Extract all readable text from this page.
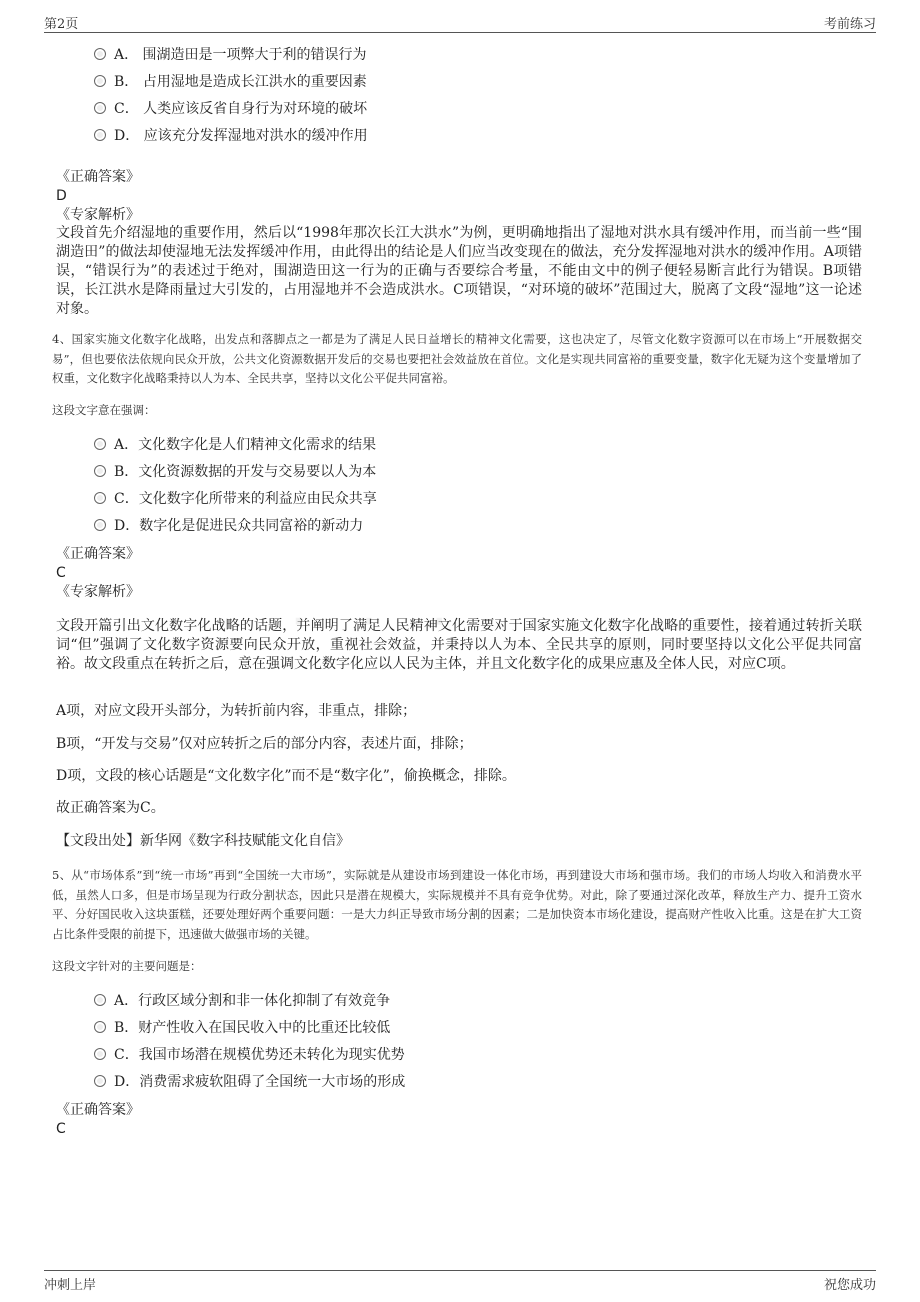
第2页	考前练习
A． 围湖造田是一项弊大于利的错误行为
B． 占用湿地是造成长江洪水的重要因素
C． 人类应该反省自身行为对环境的破坏
D． 应该充分发挥湿地对洪水的缓冲作用
《正确答案》
D
《专家解析》
文段首先介绍湿地的重要作用，然后以“1998年那次长江大洪水”为例，更明确地指出了湿地对洪水具有缓冲作用，而当前一些“围湖造田”的做法却使湿地无法发挥缓冲作用，由此得出的结论是人们应当改变现在的做法，充分发挥湿地对洪水的缓冲作用。A项错误，“错误行为”的表述过于绝对，围湖造田这一行为的正确与否要综合考量，不能由文中的例子便轻易断言此行为错误。B项错误，长江洪水是降雨量过大引发的，占用湿地并不会造成洪水。C项错误，“对环境的破坏”范围过大，脱离了文段“湿地”这一论述对象。
4、国家实施文化数字化战略，出发点和落脚点之一都是为了满足人民日益增长的精神文化需要，这也决定了，尽管文化数字资源可以在市场上“开展数据交易”，但也要依法依规向民众开放，公共文化资源数据开发后的交易也要把社会效益放在首位。文化是实现共同富裕的重要变量，数字化无疑为这个变量增加了权重，文化数字化战略秉持以人为本、全民共享，坚持以文化公平促共同富裕。
这段文字意在强调：
A．文化数字化是人们精神文化需求的结果
B．文化资源数据的开发与交易要以人为本
C．文化数字化所带来的利益应由民众共享
D．数字化是促进民众共同富裕的新动力
《正确答案》
C
《专家解析》	· · ·
文段开篇引出文化数字化战略的话题，并阐明了满足人民精神文化需要对于国家实施文化数字化战略的重要性，接着通过转折关联词“但”强调了文化数字资源要向民众开放，重视社会效益，并秉持以人为本、全民共享的原则，同时要坚持以文化公平促共同富裕。故文段重点在转折之后，意在强调文化数字化应以人民为主体，并且文化数字化的成果应惠及全体人民，对应C项。
A项，对应文段开头部分，为转折前内容，非重点，排除；
B项，“开发与交易”仅对应转折之后的部分内容，表述片面，排除；
D项，文段的核心话题是“文化数字化”而不是“数字化”，偷换概念，排除。
故正确答案为C。
【文段出处】新华网《数字科技赋能文化自信》
5、从“市场体系”到“统一市场”再到“全国统一大市场”，实际就是从建设市场到建设一体化市场，再到建设大市场和强市场。我们的市场人均收入和消费水平低，虽然人口多，但是市场呈现为行政分割状态，因此只是潜在规模大，实际规模并不具有竞争优势。对此，除了要通过深化改革，释放生产力、提升工资水平、分好国民收入这块蛋糕，还要处理好两个重要问题：一是大力纠正导致市场分割的因素；二是加快资本市场化建设，提高财产性收入比重。这是在扩大工资占比条件受限的前提下，迅速做大做强市场的关键。
这段文字针对的主要问题是：
A．行政区域分割和非一体化抑制了有效竞争
B．财产性收入在国民收入中的比重还比较低
C．我国市场潜在规模优势还未转化为现实优势
D．消费需求疲软阻碍了全国统一大市场的形成
《正确答案》
C
冲刺上岸	祝您成功
